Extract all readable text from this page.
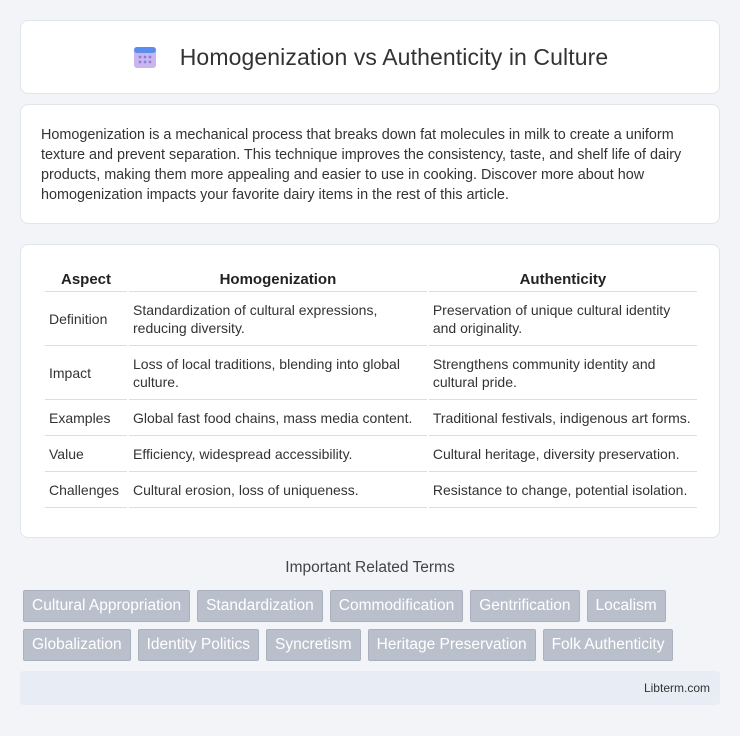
Homogenization vs Authenticity in Culture

Homogenization is a mechanical process that breaks down fat molecules in milk to create a uniform texture and prevent separation. This technique improves the consistency, taste, and shelf life of dairy products, making them more appealing and easier to use in cooking. Discover more about how homogenization impacts your favorite dairy items in the rest of this article.

Aspect	Homogenization	Authenticity
Definition	Standardization of cultural expressions, reducing diversity.	Preservation of unique cultural identity and originality.
Impact	Loss of local traditions, blending into global culture.	Strengthens community identity and cultural pride.
Examples	Global fast food chains, mass media content.	Traditional festivals, indigenous art forms.
Value	Efficiency, widespread accessibility.	Cultural heritage, diversity preservation.
Challenges	Cultural erosion, loss of uniqueness.	Resistance to change, potential isolation.
Important Related Terms
Cultural Appropriation	Standardization	Commodification	Gentrification	Localism
Globalization	Identity Politics	Syncretism	Heritage Preservation	Folk Authenticity
Libterm.com
